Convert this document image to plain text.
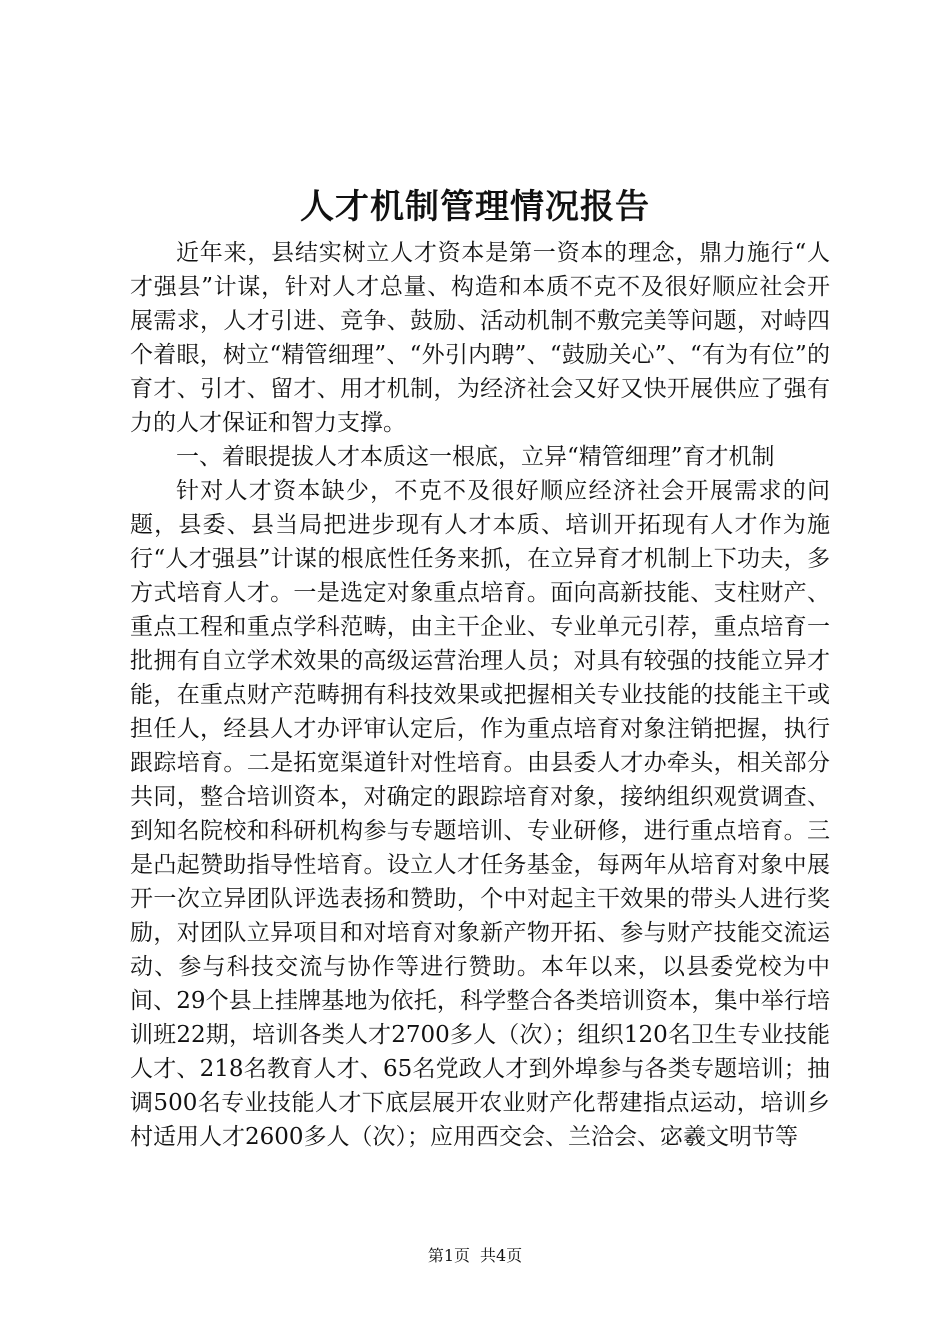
人才机制管理情况报告

近年来，县结实树立人才资本是第一资本的理念，鼎力施行“人才强县”计谋，针对人才总量、构造和本质不克不及很好顺应社会开展需求，人才引进、竞争、鼓励、活动机制不敷完美等问题，对峙四个着眼，树立“精管细理”、“外引内聘”、“鼓励关心”、“有为有位”的育才、引才、留才、用才机制，为经济社会又好又快开展供应了强有力的人才保证和智力支撑。

一、着眼提拔人才本质这一根底，立异“精管细理”育才机制

针对人才资本缺少，不克不及很好顺应经济社会开展需求的问题，县委、县当局把进步现有人才本质、培训开拓现有人才作为施行“人才强县”计谋的根底性任务来抓，在立异育才机制上下功夫，多方式培育人才。一是选定对象重点培育。面向高新技能、支柱财产、重点工程和重点学科范畴，由主干企业、专业单元引荐，重点培育一批拥有自立学术效果的高级运营治理人员；对具有较强的技能立异才能，在重点财产范畴拥有科技效果或把握相关专业技能的技能主干或担任人，经县人才办评审认定后，作为重点培育对象注销把握，执行跟踪培育。二是拓宽渠道针对性培育。由县委人才办牵头，相关部分共同，整合培训资本，对确定的跟踪培育对象，接纳组织观赏调查、到知名院校和科研机构参与专题培训、专业研修，进行重点培育。三是凸起赞助指导性培育。设立人才任务基金，每两年从培育对象中展开一次立异团队评选表扬和赞助，个中对起主干效果的带头人进行奖励，对团队立异项目和对培育对象新产物开拓、参与财产技能交流运动、参与科技交流与协作等进行赞助。本年以来，以县委党校为中间、29个县上挂牌基地为依托，科学整合各类培训资本，集中举行培训班22期，培训各类人才2700多人（次）；组织120名卫生专业技能人才、218名教育人才、65名党政人才到外埠参与各类专题培训；抽调500名专业技能人才下底层展开农业财产化帮建指点运动，培训乡村适用人才2600多人（次）；应用西交会、兰洽会、宓羲文明节等

第1页 共4页
